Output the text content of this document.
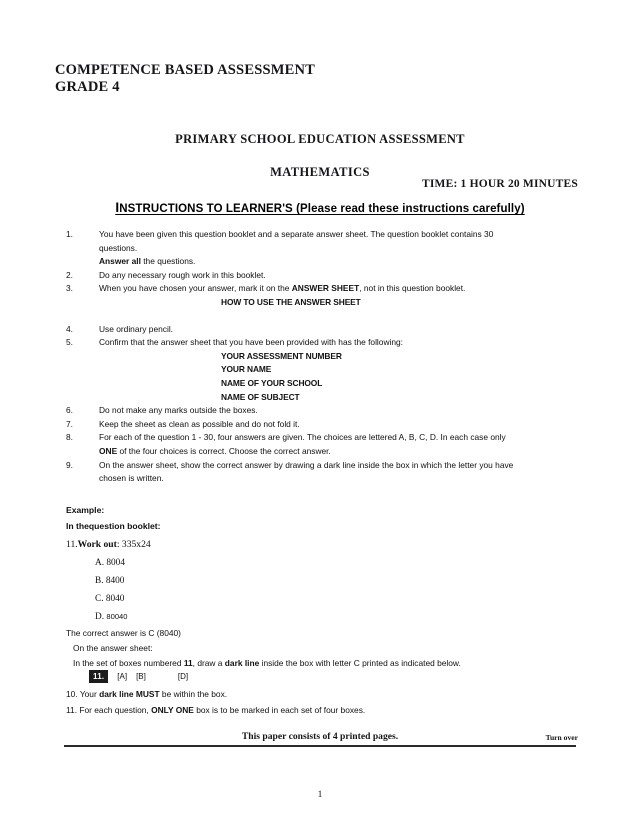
COMPETENCE BASED ASSESSMENT
GRADE 4
PRIMARY SCHOOL EDUCATION ASSESSMENT
MATHEMATICS
TIME: 1 HOUR 20 MINUTES
INSTRUCTIONS TO LEARNER'S (Please read these instructions carefully)
1.	You have been given this question booklet and a separate answer sheet. The question booklet contains 30
questions.
Answer all the questions.
2.	Do any necessary rough work in this booklet.
3.	When you have chosen your answer, mark it on the ANSWER SHEET, not in this question booklet.
HOW TO USE THE ANSWER SHEET
4.	Use ordinary pencil.
5.	Confirm that the answer sheet that you have been provided with has the following:
YOUR ASSESSMENT NUMBER
YOUR NAME
NAME OF YOUR SCHOOL
NAME OF SUBJECT
6.	Do not make any marks outside the boxes.
7.	Keep the sheet as clean as possible and do not fold it.
8.	For each of the question 1 - 30, four answers are given. The choices are lettered A, B, C, D. In each case only
ONE of the four choices is correct. Choose the correct answer.
9.	On the answer sheet, show the correct answer by drawing a dark line inside the box in which the letter you have
chosen is written.
Example:
In thequestion booklet:
11.Work out: 335x24
A. 8004
B. 8400
C. 8040
D. 80040
The correct answer is C (8040)
On the answer sheet:
In the set of boxes numbered 11, draw a dark line inside the box with letter C printed as indicated below.
11.	[A] [B]	[D]
10. Your dark line MUST be within the box.
11. For each question, ONLY ONE box is to be marked in each set of four boxes.
This paper consists of 4 printed pages.	Turn over
1
